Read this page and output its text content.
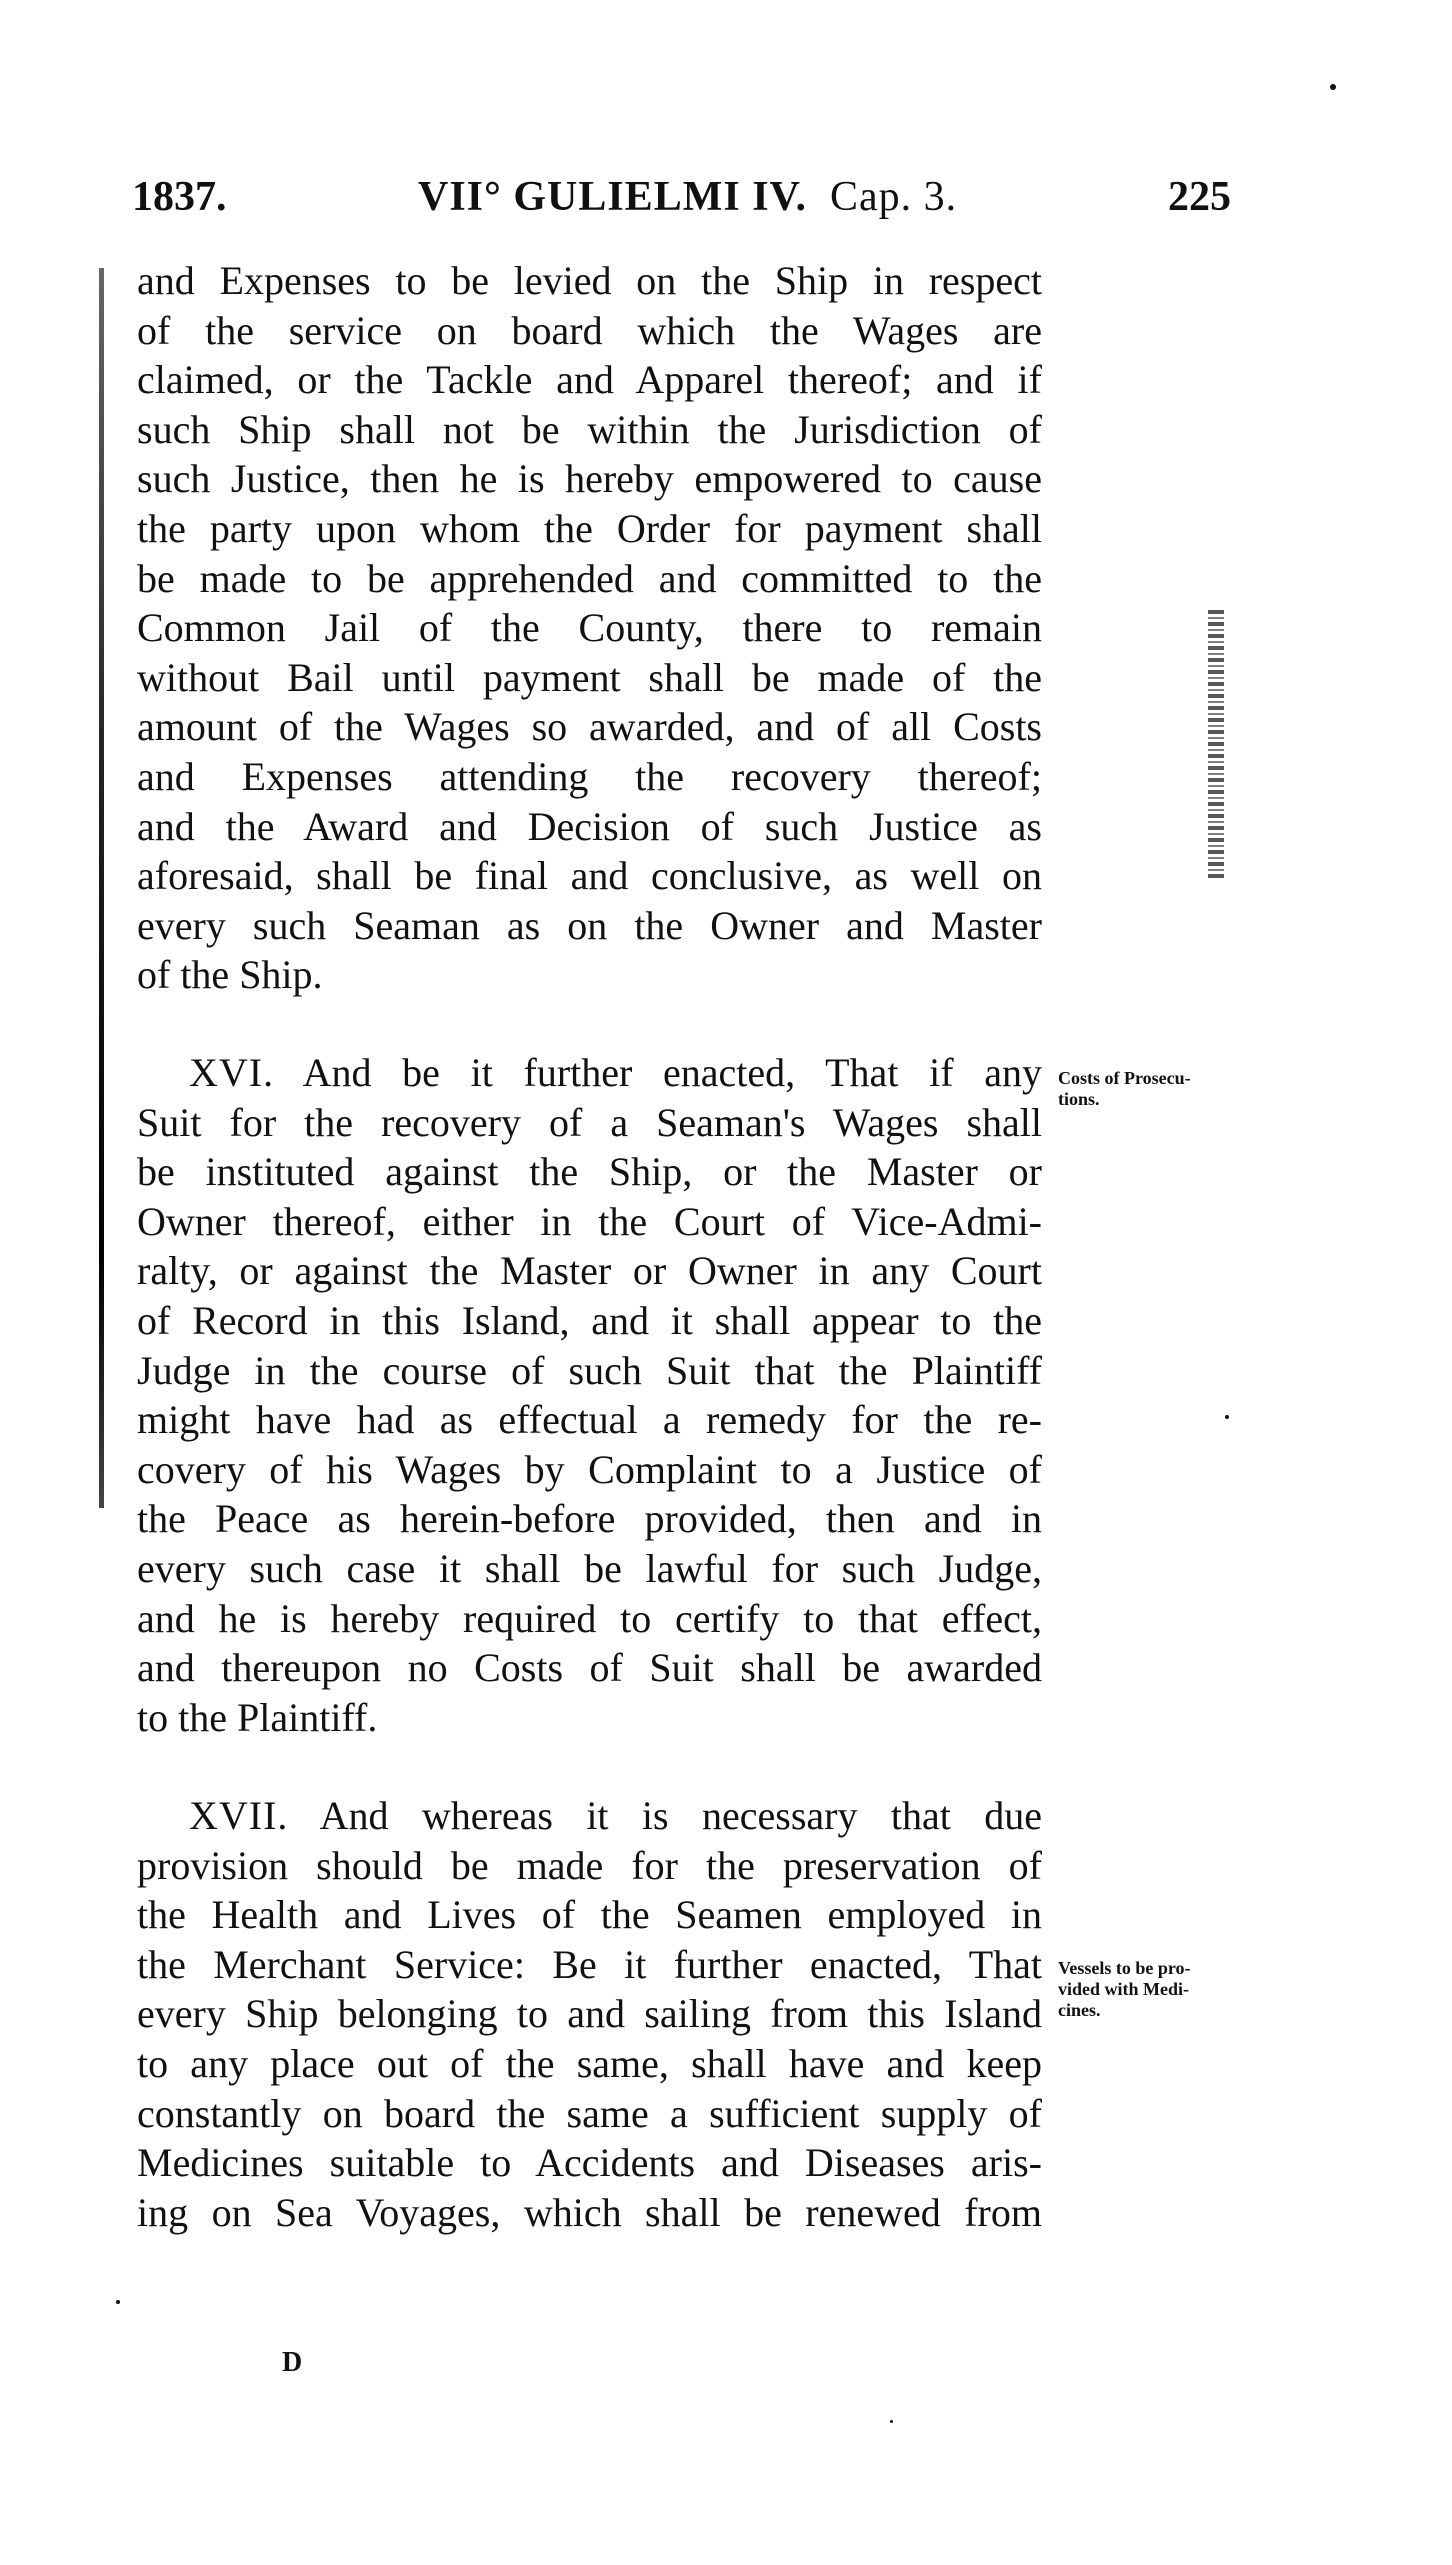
1837.	VII° GULIELMI IV. Cap. 3.	225
and Expenses to be levied on the Ship in respect
of the service on board which the Wages are
claimed, or the Tackle and Apparel thereof; and if
such Ship shall not be within the Jurisdiction of
such Justice, then he is hereby empowered to cause
the party upon whom the Order for payment shall
be made to be apprehended and committed to the
Common Jail of the County, there to remain
without Bail until payment shall be made of the
amount of the Wages so awarded, and of all Costs
and Expenses attending the recovery thereof;
and the Award and Decision of such Justice as
aforesaid, shall be final and conclusive, as well on
every such Seaman as on the Owner and Master
of the Ship.
XVI. And be it further enacted, That if any
Suit for the recovery of a Seaman's Wages shall
be instituted against the Ship, or the Master or
Owner thereof, either in the Court of Vice-Admi-
ralty, or against the Master or Owner in any Court
of Record in this Island, and it shall appear to the
Judge in the course of such Suit that the Plaintiff
might have had as effectual a remedy for the re-
covery of his Wages by Complaint to a Justice of
the Peace as herein-before provided, then and in
every such case it shall be lawful for such Judge,
and he is hereby required to certify to that effect,
and thereupon no Costs of Suit shall be awarded
to the Plaintiff.
Costs of Prosecu-
tions.
XVII. And whereas it is necessary that due
provision should be made for the preservation of
the Health and Lives of the Seamen employed in
the Merchant Service: Be it further enacted, That
every Ship belonging to and sailing from this Island
to any place out of the same, shall have and keep
constantly on board the same a sufficient supply of
Medicines suitable to Accidents and Diseases aris-
ing on Sea Voyages, which shall be renewed from
Vessels to be pro-
vided with Medi-
cines.
D
